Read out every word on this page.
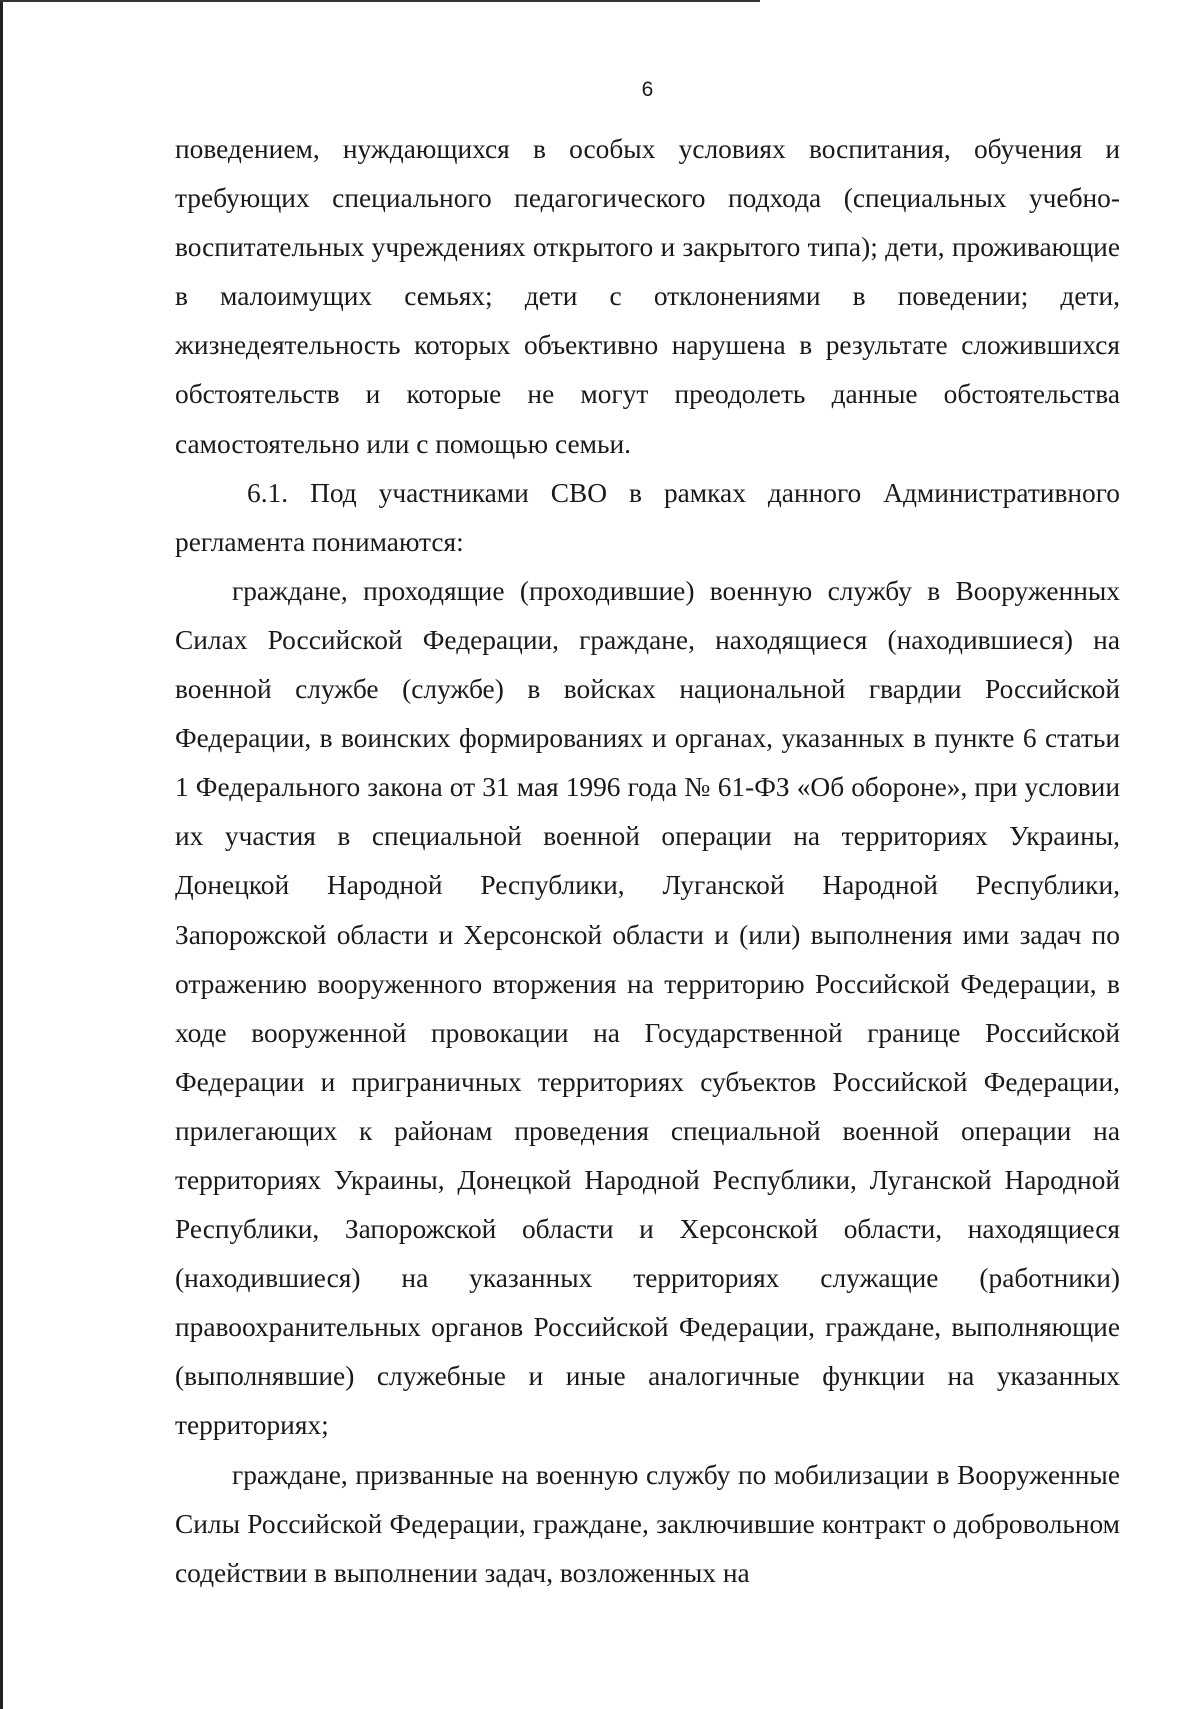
6

поведением, нуждающихся в особых условиях воспитания, обучения и требующих специального педагогического подхода (специальных учебно-воспитательных учреждениях открытого и закрытого типа); дети, проживающие в малоимущих семьях; дети с отклонениями в поведении; дети, жизнедеятельность которых объективно нарушена в результате сложившихся обстоятельств и которые не могут преодолеть данные обстоятельства самостоятельно или с помощью семьи.

6.1. Под участниками СВО в рамках данного Административного регламента понимаются:

граждане, проходящие (проходившие) военную службу в Вооруженных Силах Российской Федерации, граждане, находящиеся (находившиеся) на военной службе (службе) в войсках национальной гвардии Российской Федерации, в воинских формированиях и органах, указанных в пункте 6 статьи 1 Федерального закона от 31 мая 1996 года № 61-ФЗ «Об обороне», при условии их участия в специальной военной операции на территориях Украины, Донецкой Народной Республики, Луганской Народной Республики, Запорожской области и Херсонской области и (или) выполнения ими задач по отражению вооруженного вторжения на территорию Российской Федерации, в ходе вооруженной провокации на Государственной границе Российской Федерации и приграничных территориях субъектов Российской Федерации, прилегающих к районам проведения специальной военной операции на территориях Украины, Донецкой Народной Республики, Луганской Народной Республики, Запорожской области и Херсонской области, находящиеся (находившиеся) на указанных территориях служащие (работники) правоохранительных органов Российской Федерации, граждане, выполняющие (выполнявшие) служебные и иные аналогичные функции на указанных территориях;

граждане, призванные на военную службу по мобилизации в Вооруженные Силы Российской Федерации, граждане, заключившие контракт о добровольном содействии в выполнении задач, возложенных на
